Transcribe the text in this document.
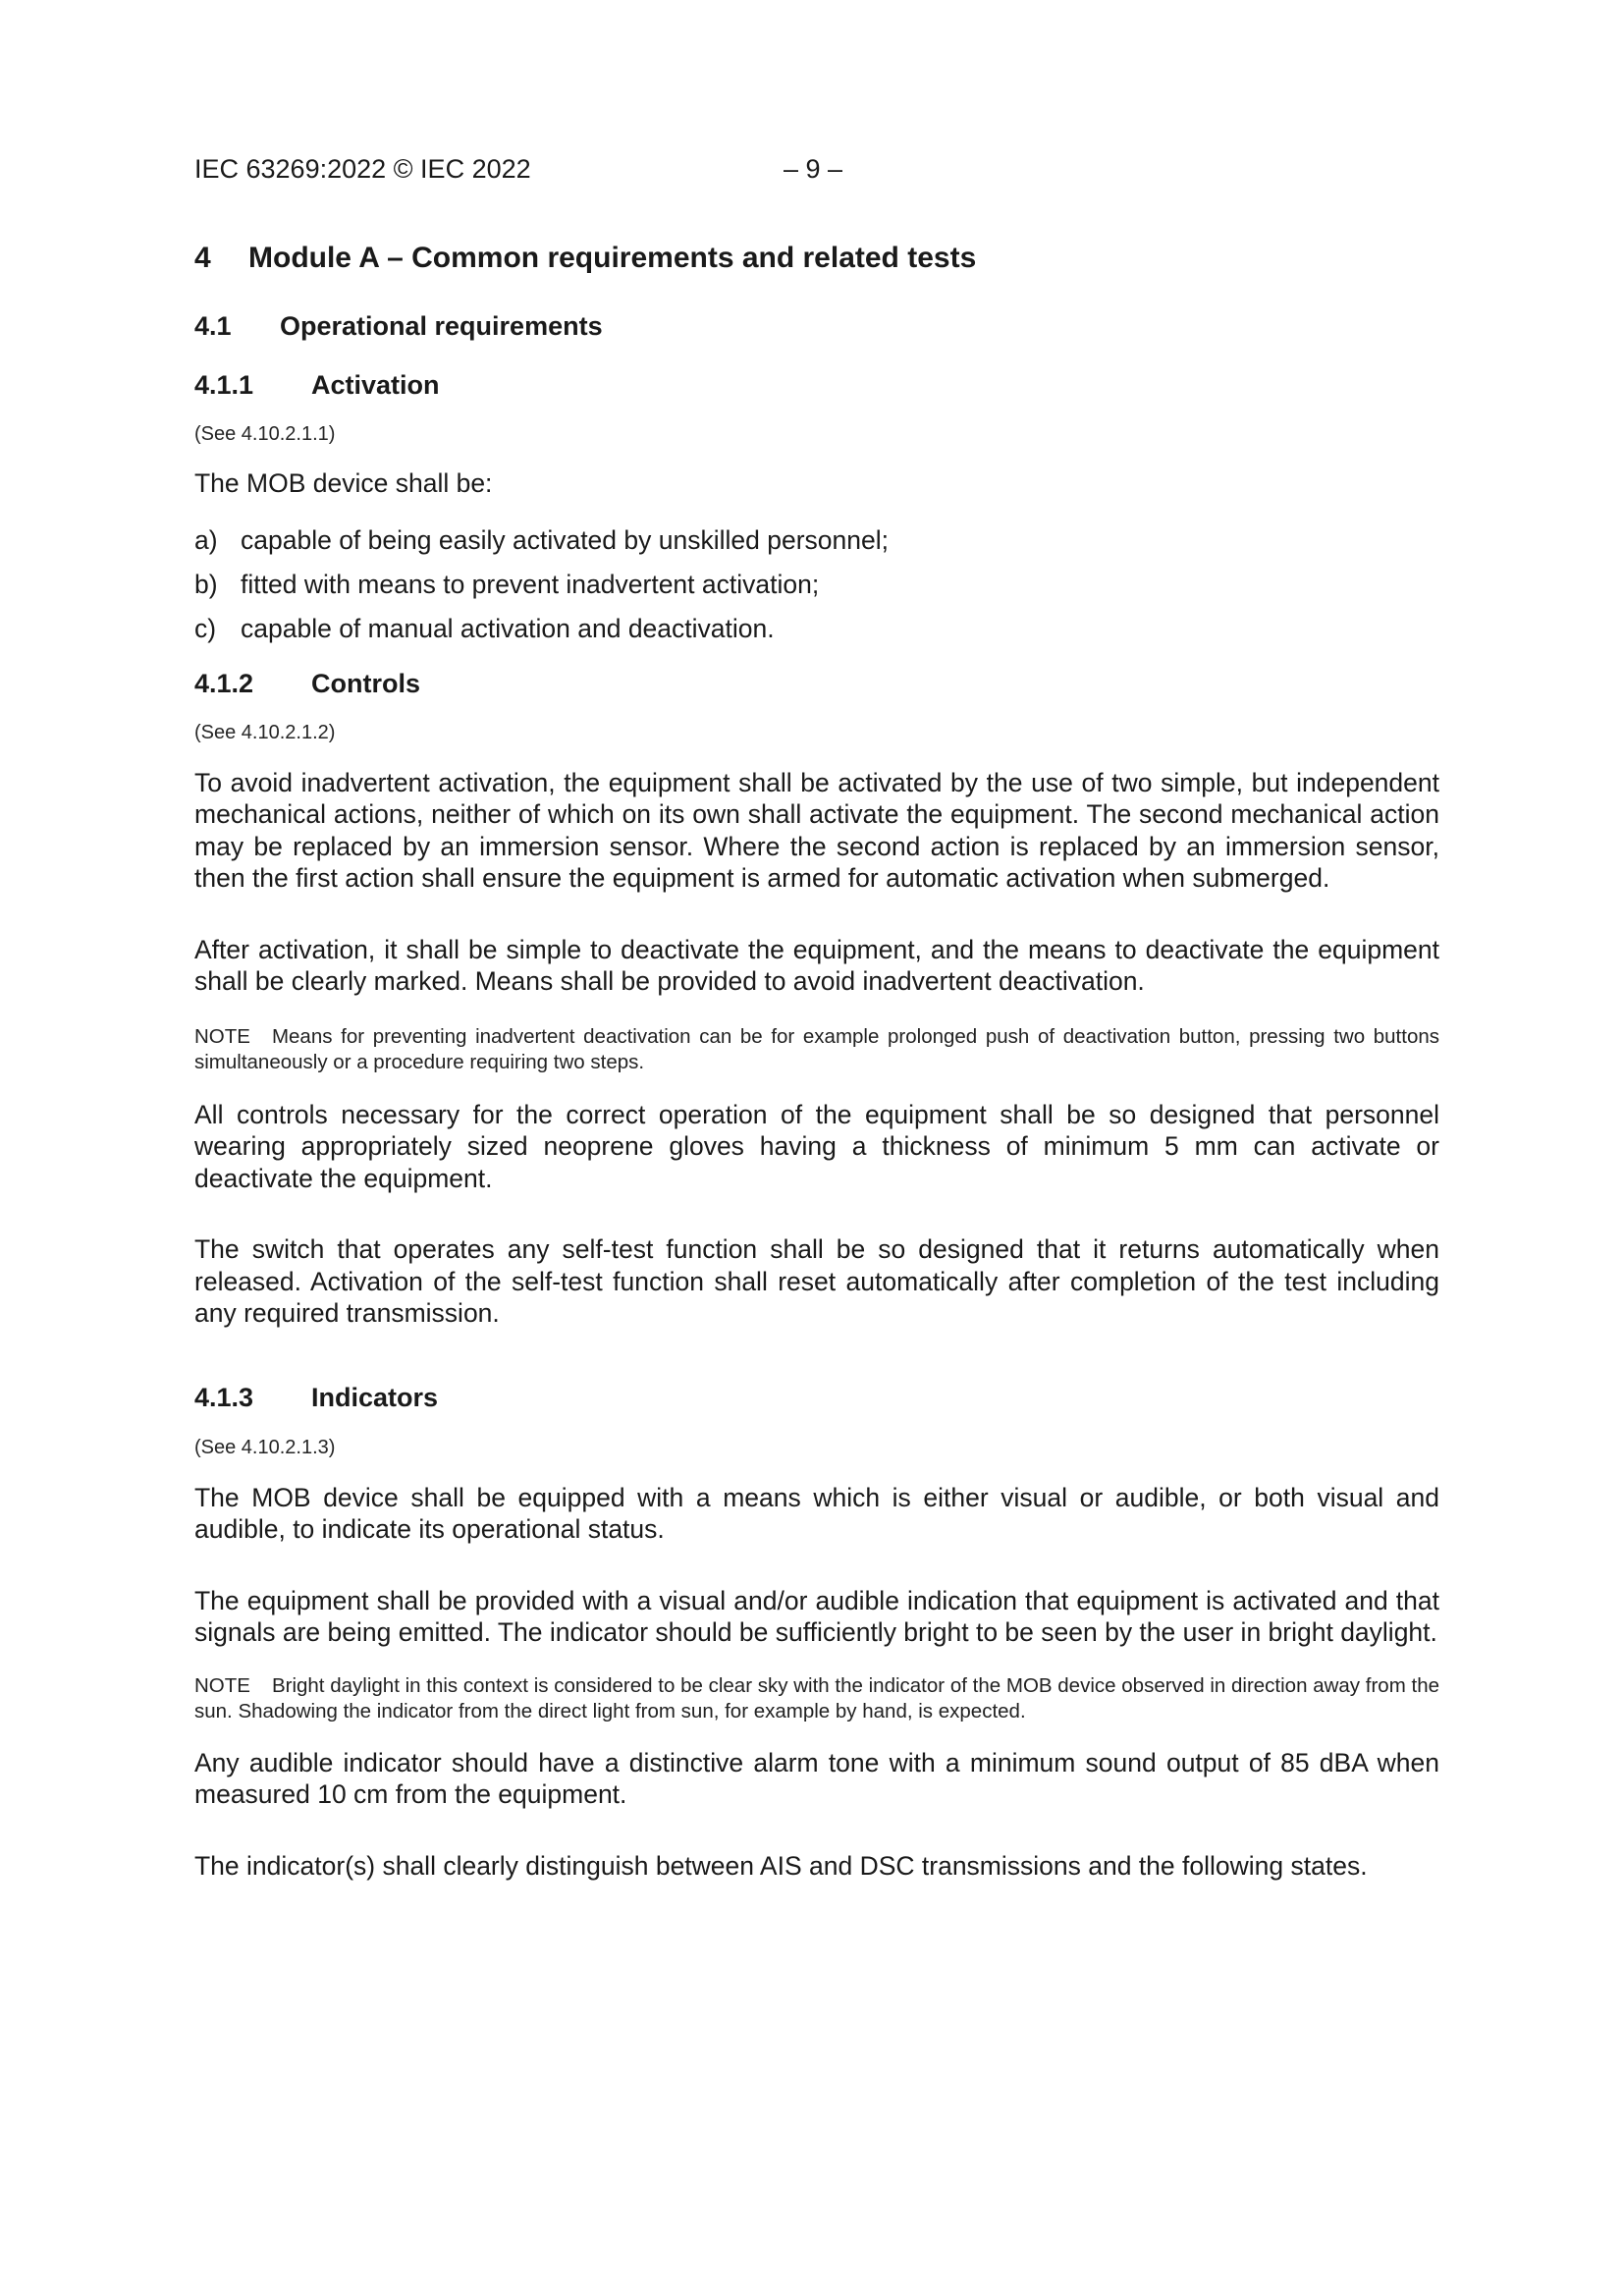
IEC 63269:2022 © IEC 2022	– 9 –
4	Module A – Common requirements and related tests
4.1	Operational requirements
4.1.1	Activation
(See 4.10.2.1.1)

The MOB device shall be:

a) capable of being easily activated by unskilled personnel;
b) fitted with means to prevent inadvertent activation;
c) capable of manual activation and deactivation.
4.1.2	Controls
(See 4.10.2.1.2)

To avoid inadvertent activation, the equipment shall be activated by the use of two simple, but independent mechanical actions, neither of which on its own shall activate the equipment. The second mechanical action may be replaced by an immersion sensor. Where the second action is replaced by an immersion sensor, then the first action shall ensure the equipment is armed for automatic activation when submerged.

After activation, it shall be simple to deactivate the equipment, and the means to deactivate the equipment shall be clearly marked. Means shall be provided to avoid inadvertent deactivation.

NOTE Means for preventing inadvertent deactivation can be for example prolonged push of deactivation button, pressing two buttons simultaneously or a procedure requiring two steps.

All controls necessary for the correct operation of the equipment shall be so designed that personnel wearing appropriately sized neoprene gloves having a thickness of minimum 5 mm can activate or deactivate the equipment.

The switch that operates any self-test function shall be so designed that it returns automatically when released. Activation of the self-test function shall reset automatically after completion of the test including any required transmission.

4.1.3	Indicators
(See 4.10.2.1.3)

The MOB device shall be equipped with a means which is either visual or audible, or both visual and audible, to indicate its operational status.

The equipment shall be provided with a visual and/or audible indication that equipment is activated and that signals are being emitted. The indicator should be sufficiently bright to be seen by the user in bright daylight.

NOTE Bright daylight in this context is considered to be clear sky with the indicator of the MOB device observed in direction away from the sun. Shadowing the indicator from the direct light from sun, for example by hand, is expected.

Any audible indicator should have a distinctive alarm tone with a minimum sound output of 85 dBA when measured 10 cm from the equipment.

The indicator(s) shall clearly distinguish between AIS and DSC transmissions and the following states.
